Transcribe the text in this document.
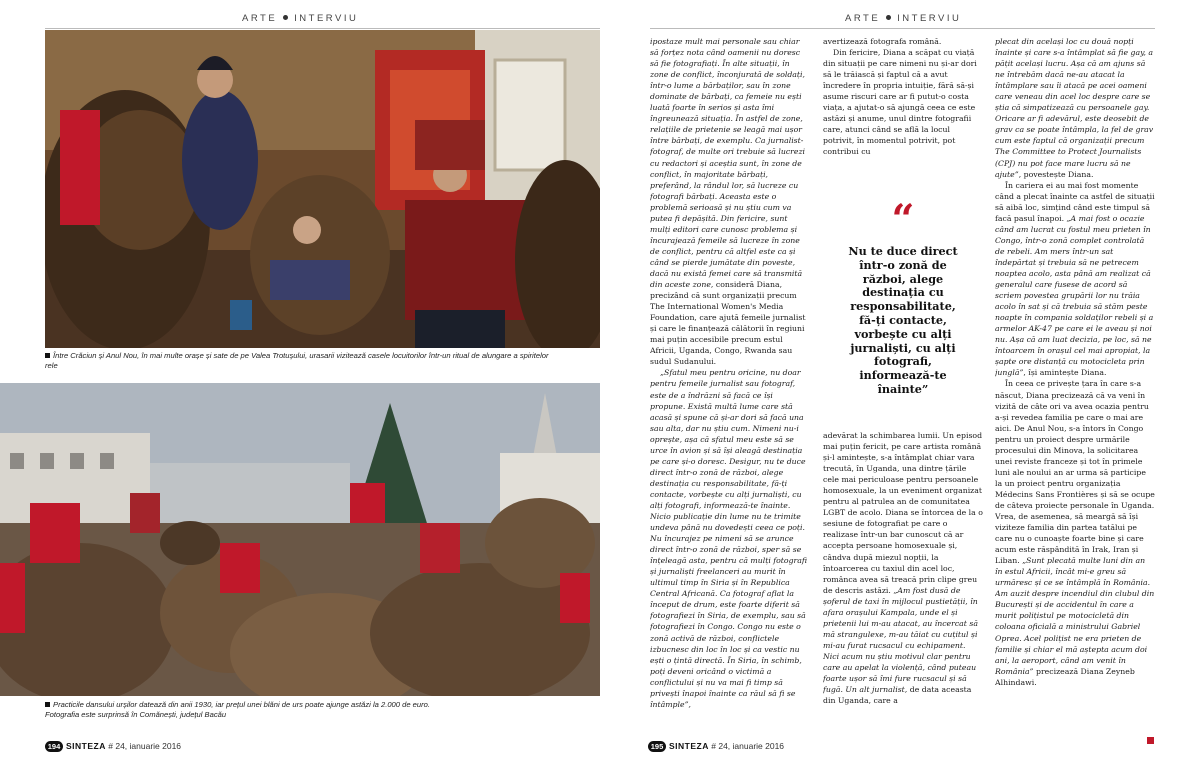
ARTE INTERVIU
Între Crăciun și Anul Nou, în mai multe orașe și sate de pe Valea Trotușului, urasarii vizitează casele locuitorilor într-un ritual de alungare a spiritelor rele
Practicile dansului urșilor datează din anii 1930, iar prețul unei blăni de urs poate ajunge astăzi la 2.000 de euro.
Fotografia este surprinsă în Comănești, județul Bacău
194 SINTEZA # 24, ianuarie 2016
ARTE INTERVIU

ipostaze mult mai personale sau chiar să forțez nota când oamenii nu doresc să fie fotografiați. În alte situații, în zone de conflict, înconjurată de soldați, într-o lume a bărbaților, sau în zone dominate de bărbați, ca femeie nu ești luată foarte în serios și asta îmi îngreunează situația. În astfel de zone, relațiile de prietenie se leagă mai ușor între bărbați, de exemplu. Ca jurnalist-fotograf, de multe ori trebuie să lucrezi cu redactori și aceștia sunt, în zone de conflict, în majoritate bărbați, preferând, la rândul lor, să lucreze cu fotografi bărbați. Aceasta este o problemă serioasă și nu știu cum va putea fi depășită. Din fericire, sunt mulți editori care cunosc problema și încurajează femeile să lucreze în zone de conflict, pentru că altfel este ca și când se pierde jumătate din poveste, dacă nu există femei care să transmită din aceste zone, consideră Diana, precizând că sunt organizații precum The International Women's Media Foundation, care ajută femeile jurnalist și care le finanțează călătorii în regiuni mai puțin accesibile precum estul Africii, Uganda, Congo, Rwanda sau sudul Sudanului.

„Sfatul meu pentru oricine, nu doar pentru femeile jurnalist sau fotograf, este de a îndrăzni să facă ce își propune. Există multă lume care stă acasă și spune că și-ar dori să facă una sau alta, dar nu știu cum. Nimeni nu-i oprește, așa că sfatul meu este să se urce în avion și să își aleagă destinația pe care și-o doresc. Desigur, nu te duce direct într-o zonă de război, alege destinația cu responsabilitate, fă-ți contacte, vorbește cu alți jurnaliști, cu alți fotografi, informează-te înainte. Nicio publicație din lume nu te trimite undeva până nu dovedești ceea ce poți. Nu încurajez pe nimeni să se arunce direct într-o zonă de război, sper să se înțeleagă asta, pentru că mulți fotografi și jurnaliști freelanceri au murit în ultimul timp în Siria și în Republica Central Africană. Ca fotograf aflat la început de drum, este foarte diferit să fotografiezi în Siria, de exemplu, sau să fotografiezi în Congo. Congo nu este o zonă activă de război, conflictele izbucnesc din loc în loc și ca vestic nu ești o țintă directă. În Siria, în schimb, poți deveni oricând o victimă a conflictului și nu va mai fi timp să privești înapoi înainte ca răul să fi se întâmple”,

avertizează fotografa română.

Din fericire, Diana a scăpat cu viață din situații pe care nimeni nu și-ar dori să le trăiască și faptul că a avut încredere în propria intuiție, fără să-și asume riscuri care ar fi putut-o costa viața, a ajutat-o să ajungă ceea ce este astăzi și anume, unul dintre fotografii care, atunci când se află la locul potrivit, în momentul potrivit, pot contribui cu

“
Nu te duce direct într-o zonă de război, alege destinația cu responsabilitate, fă-ți contacte, vorbește cu alți jurnaliști, cu alți fotografi, informează-te înainte”

adevărat la schimbarea lumii. Un episod mai puțin fericit, pe care artista română și-l amintește, s-a întâmplat chiar vara trecută, în Uganda, una dintre țările cele mai periculoase pentru persoanele homosexuale, la un eveniment organizat pentru al patrulea an de comunitatea LGBT de acolo. Diana se întorcea de la o sesiune de fotografiat pe care o realizase într-un bar cunoscut că ar accepta persoane homosexuale și, cândva după miezul nopții, la întoarcerea cu taxiul din acel loc, româncа avea să treacă prin clipe greu de descris astăzi. „Am fost dusă de șoferul de taxi în mijlocul pustietății, în afara orașului Kampala, unde el și prietenii lui m-au atacat, au încercat să mă strangulexe, m-au tăiat cu cuțitul și mi-au furat rucsacul cu echipament. Nici acum nu știu motivul clar pentru care au apelat la violență, când puteau foarte ușor să îmi fure rucsacul și să fugă. Un alt jurnalist, de data aceasta din Uganda, care a

plecat din același loc cu două nopți înainte și care s-a întâmplat să fie gay, a pățit același lucru. Așa că am ajuns să ne întrebăm dacă ne-au atacat la întâmplare sau îi atacă pe acei oameni care veneau din acel loc despre care se știa că simpatizează cu persoanele gay. Oricare ar fi adevărul, este deosebit de grav ca se poate întâmpla, la fel de grav cum este faptul că organizații precum The Committee to Protect Journalists (CPJ) nu pot face mare lucru să ne ajute”, povestește Diana.

În cariera ei au mai fost momente când a plecat înainte ca astfel de situații să aibă loc, simțind când este timpul să facă pasul înapoi. „A mai fost o ocazie când am lucrat cu fostul meu prieten în Congo, într-o zonă complet controlată de rebeli. Am mers într-un sat îndepărtat și trebuia să ne petrecem noaptea acolo, asta până am realizat că generalul care fusese de acord să scriem povestea grupării lor nu trăia acolo în sat și că trebuia să stăm peste noapte în compania soldaților rebeli și a armelor AK-47 pe care ei le aveau și noi nu. Așa că am luat decizia, pe loc, să ne întoarcem în orașul cel mai apropiat, la șapte ore distanță cu motocicleta prin junglă”, își amintește Diana.

În ceea ce privește țara în care s-a născut, Diana precizează că va veni în vizită de câte ori va avea ocazia pentru a-și revedea familia pe care o mai are aici. De Anul Nou, s-a întors în Congo pentru un proiect despre urmările procesului din Minova, la solicitarea unei reviste franceze și tot în primele luni ale noului an ar urma să participe la un proiect pentru organizația Médecins Sans Frontières și să se ocupe de câteva proiecte personale în Uganda. Vrea, de asemenea, să meargă să își viziteze familia din partea tatălui pe care nu o cunoaște foarte bine și care acum este răspândită în Irak, Iran și Liban. „Sunt plecată multe luni din an în estul Africii, încât mi-e greu să urmăresc și ce se întâmplă în România. Am auzit despre incendiul din clubul din București și de accidentul în care a murit polițistul pe motocicletă din coloana oficială a ministrului Gabriel Oprea. Acel polițist ne era prieten de familie și chiar el mă aștepta acum doi ani, la aeroport, când am venit în România” precizează Diana Zeyneb Alhindawi.

195 SINTEZA # 24, ianuarie 2016
